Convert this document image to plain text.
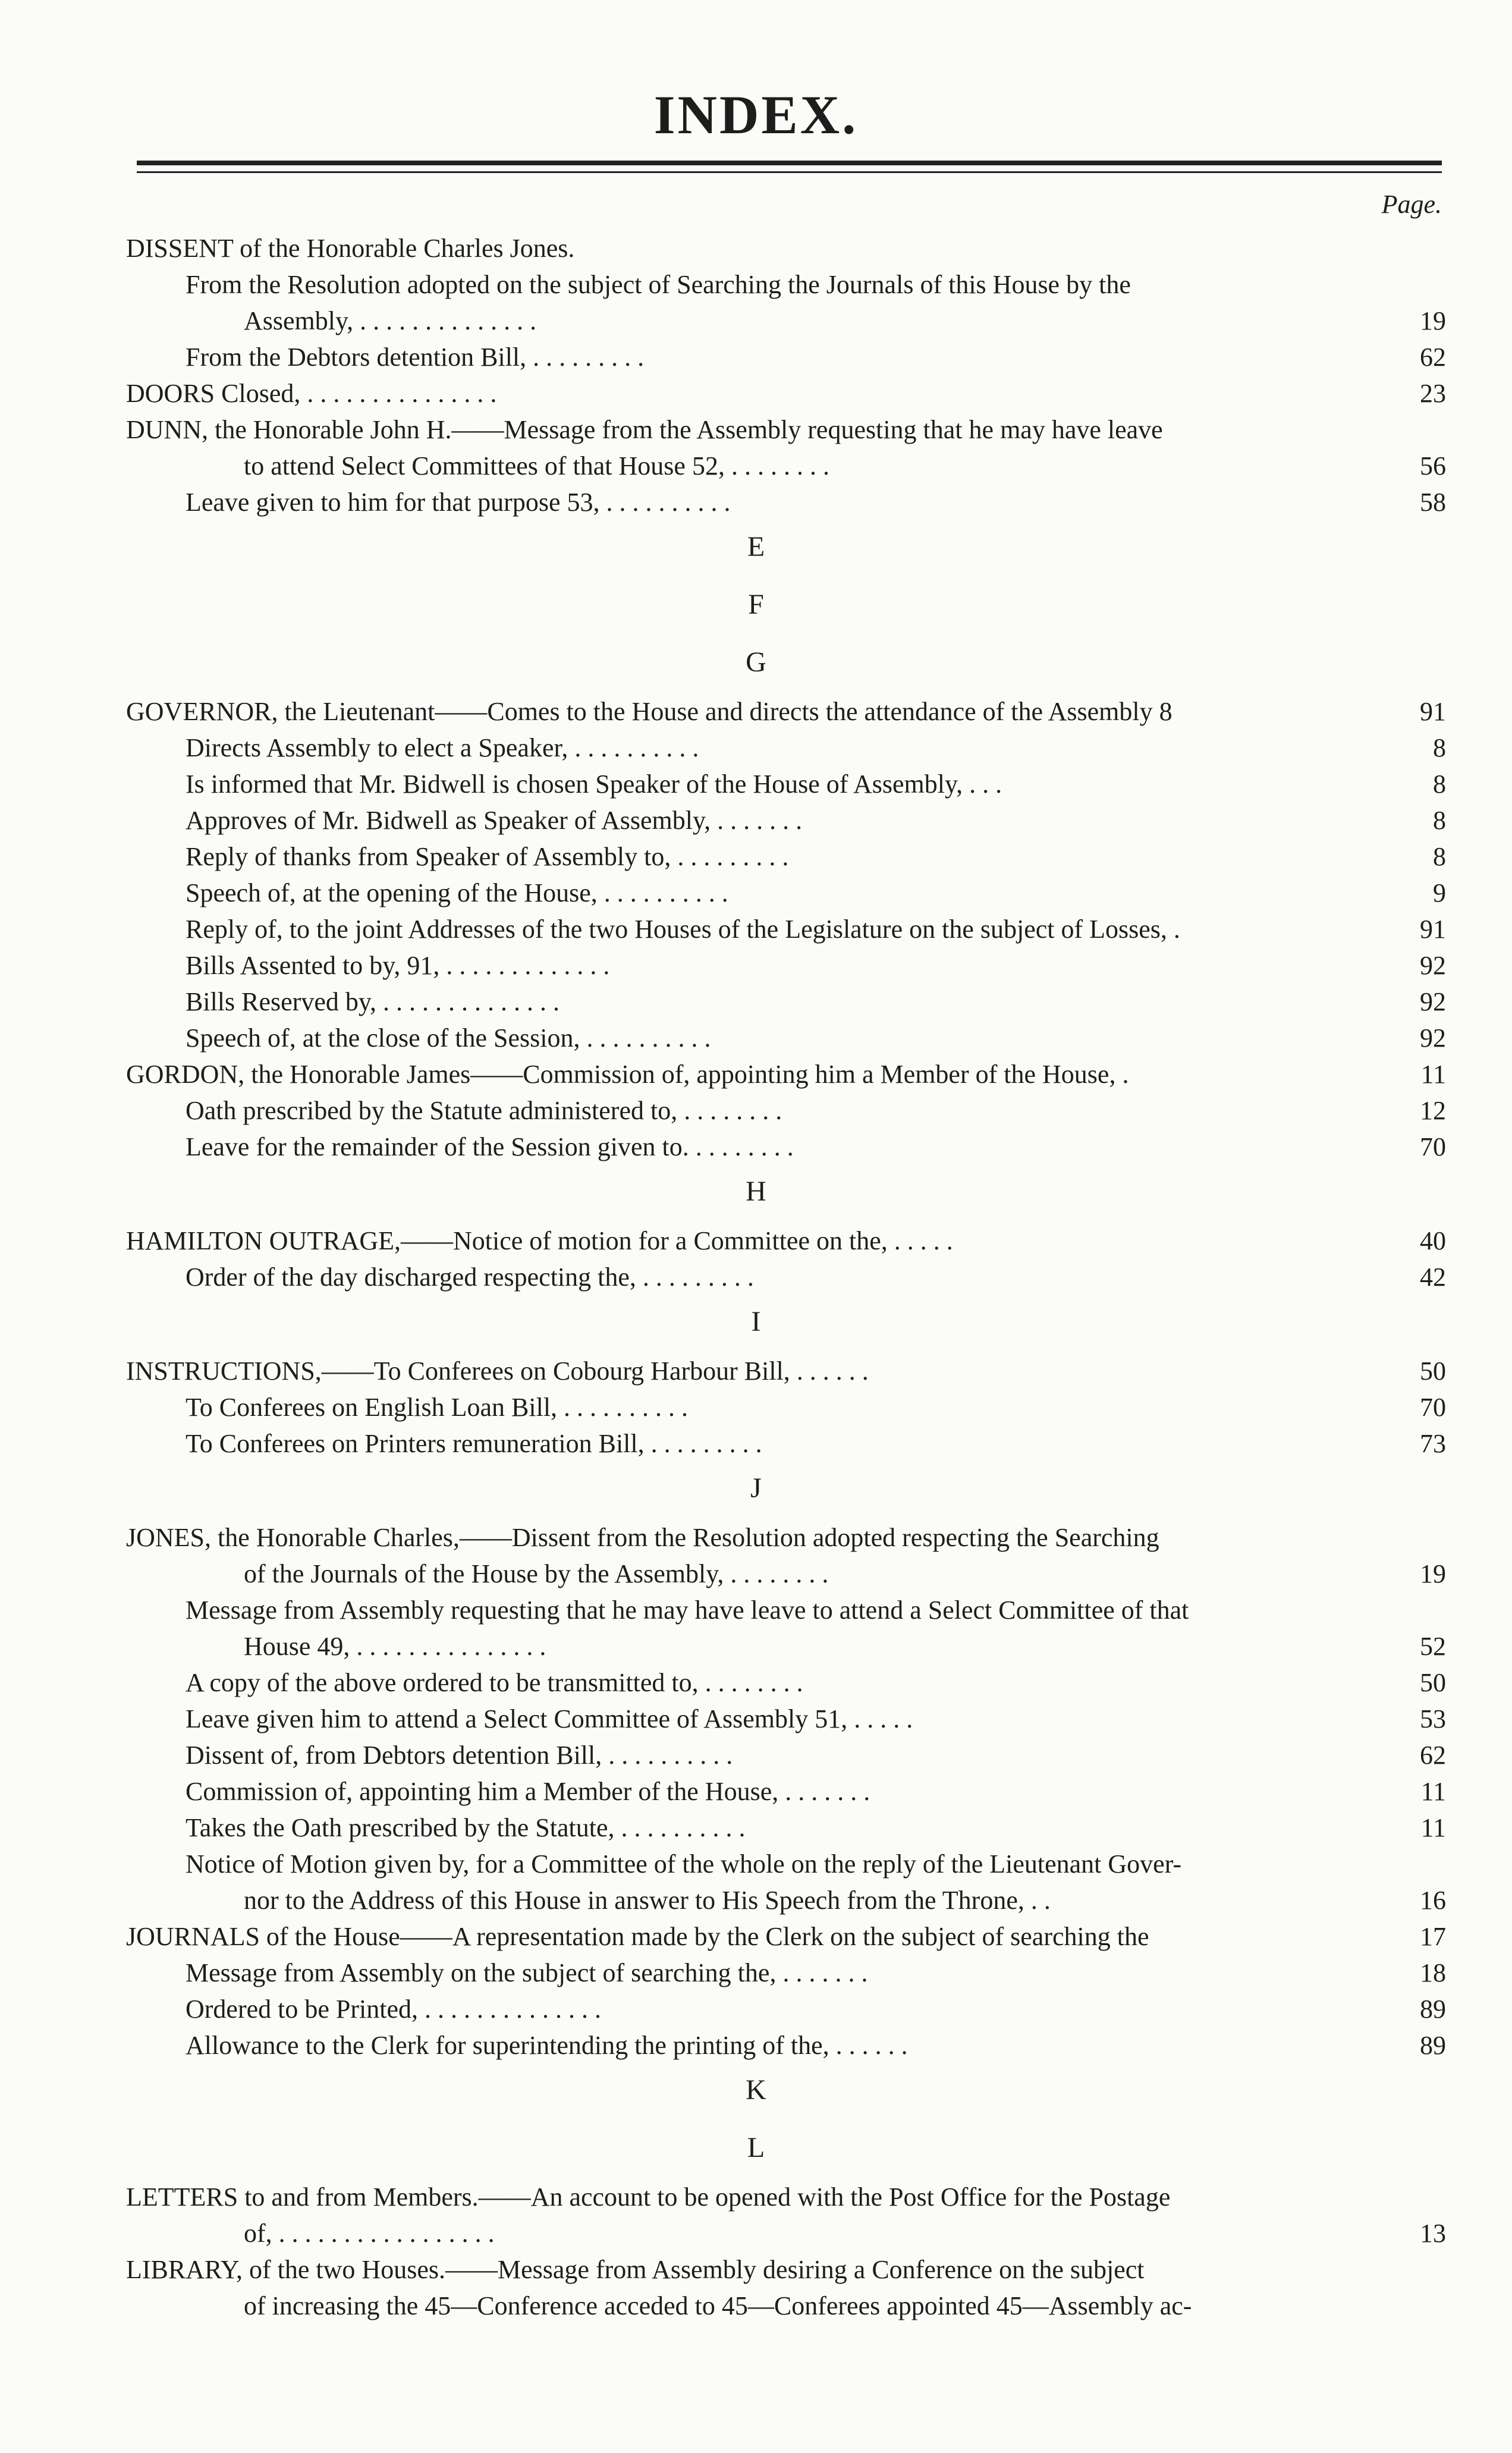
INDEX.
Page.
DISSENT of the Honorable Charles Jones.
From the Resolution adopted on the subject of Searching the Journals of this House by the
Assembly, . . . . . . . . . . . . . .	19
From the Debtors detention Bill, . . . . . . . . .	62
DOORS Closed, . . . . . . . . . . . . . . .	23
DUNN, the Honorable John H.——Message from the Assembly requesting that he may have leave
to attend Select Committees of that House 52, . . . . . . . .	56
Leave given to him for that purpose 53, . . . . . . . . . .	58
E
F
G
GOVERNOR, the Lieutenant——Comes to the House and directs the attendance of the Assembly 8	91
Directs Assembly to elect a Speaker, . . . . . . . . . .	8
Is informed that Mr. Bidwell is chosen Speaker of the House of Assembly, . . .	8
Approves of Mr. Bidwell as Speaker of Assembly, . . . . . . .	8
Reply of thanks from Speaker of Assembly to, . . . . . . . . .	8
Speech of, at the opening of the House, . . . . . . . . . .	9
Reply of, to the joint Addresses of the two Houses of the Legislature on the subject of Losses, .	91
Bills Assented to by, 91, . . . . . . . . . . . . .	92
Bills Reserved by, . . . . . . . . . . . . . .	92
Speech of, at the close of the Session, . . . . . . . . . .	92
GORDON, the Honorable James——Commission of, appointing him a Member of the House, .	11
Oath prescribed by the Statute administered to, . . . . . . . .	12
Leave for the remainder of the Session given to. . . . . . . . .	70
H
HAMILTON OUTRAGE,——Notice of motion for a Committee on the, . . . . .	40
Order of the day discharged respecting the, . . . . . . . . .	42
I
INSTRUCTIONS,——To Conferees on Cobourg Harbour Bill, . . . . . .	50
To Conferees on English Loan Bill, . . . . . . . . . .	70
To Conferees on Printers remuneration Bill, . . . . . . . . .	73
J
JONES, the Honorable Charles,——Dissent from the Resolution adopted respecting the Searching
of the Journals of the House by the Assembly, . . . . . . . .	19
Message from Assembly requesting that he may have leave to attend a Select Committee of that
House 49, . . . . . . . . . . . . . . .	52
A copy of the above ordered to be transmitted to, . . . . . . . .	50
Leave given him to attend a Select Committee of Assembly 51, . . . . .	53
Dissent of, from Debtors detention Bill, . . . . . . . . . .	62
Commission of, appointing him a Member of the House, . . . . . . .	11
Takes the Oath prescribed by the Statute, . . . . . . . . . .	11
Notice of Motion given by, for a Committee of the whole on the reply of the Lieutenant Gover-
nor to the Address of this House in answer to His Speech from the Throne, . .	16
JOURNALS of the House——A representation made by the Clerk on the subject of searching the	17
Message from Assembly on the subject of searching the, . . . . . . .	18
Ordered to be Printed, . . . . . . . . . . . . . .	89
Allowance to the Clerk for superintending the printing of the, . . . . . .	89
K
L
LETTERS to and from Members.——An account to be opened with the Post Office for the Postage
of, . . . . . . . . . . . . . . . . .	13
LIBRARY, of the two Houses.——Message from Assembly desiring a Conference on the subject
of increasing the 45—Conference acceded to 45—Conferees appointed 45—Assembly ac-
